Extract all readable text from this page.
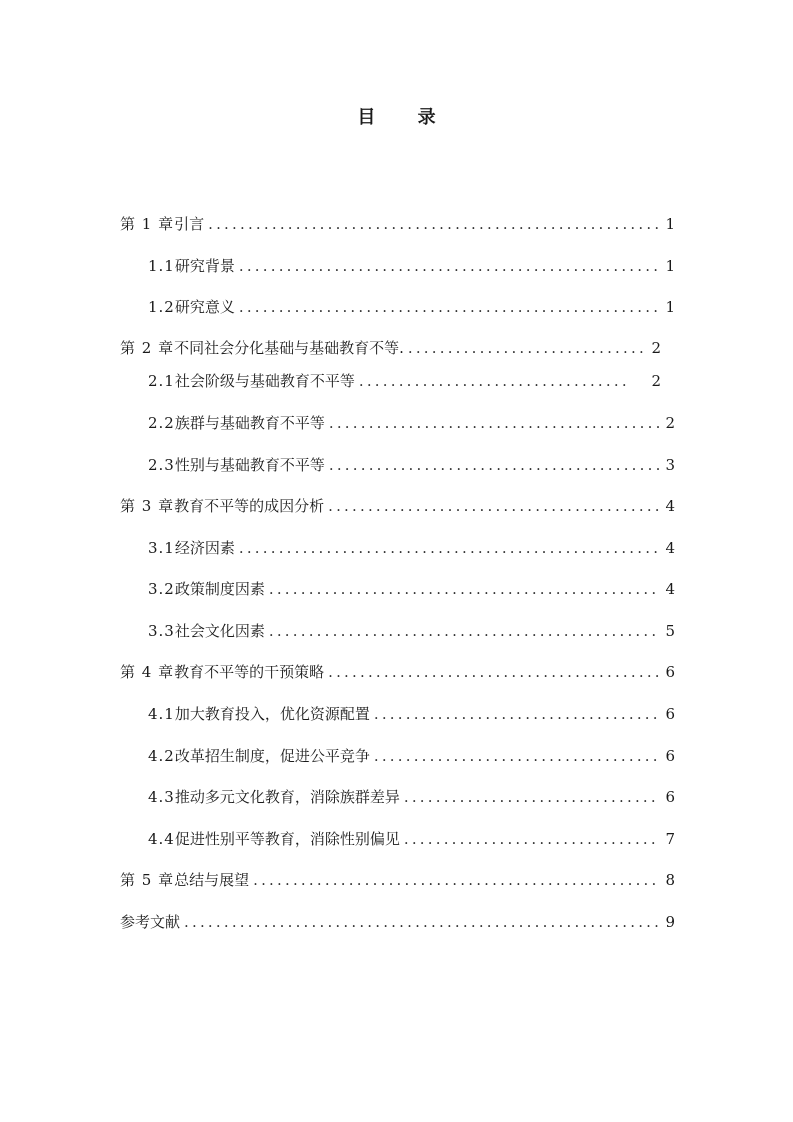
目 录
第 1 章 引言 .....	1
1.1 研究背景 .....	1
1.2 研究意义 .....	1
第 2 章 不同社会分化基础与基础教育不等. .....	2
2.1 社会阶级与基础教育不平等 .....	2
2.2 族群与基础教育不平等 .....	2
2.3 性别与基础教育不平等 .....	3
第 3 章 教育不平等的成因分析 .....	4
3.1 经济因素 .....	4
3.2 政策制度因素 .....	4
3.3 社会文化因素 .....	5
第 4 章 教育不平等的干预策略 .....	6
4.1 加大教育投入，优化资源配置 .....	6
4.2 改革招生制度，促进公平竞争 .....	6
4.3 推动多元文化教育，消除族群差异 .....	6
4.4 促进性别平等教育，消除性别偏见 .....	7
第 5 章 总结与展望 .....	8
参考文献 .....	9
